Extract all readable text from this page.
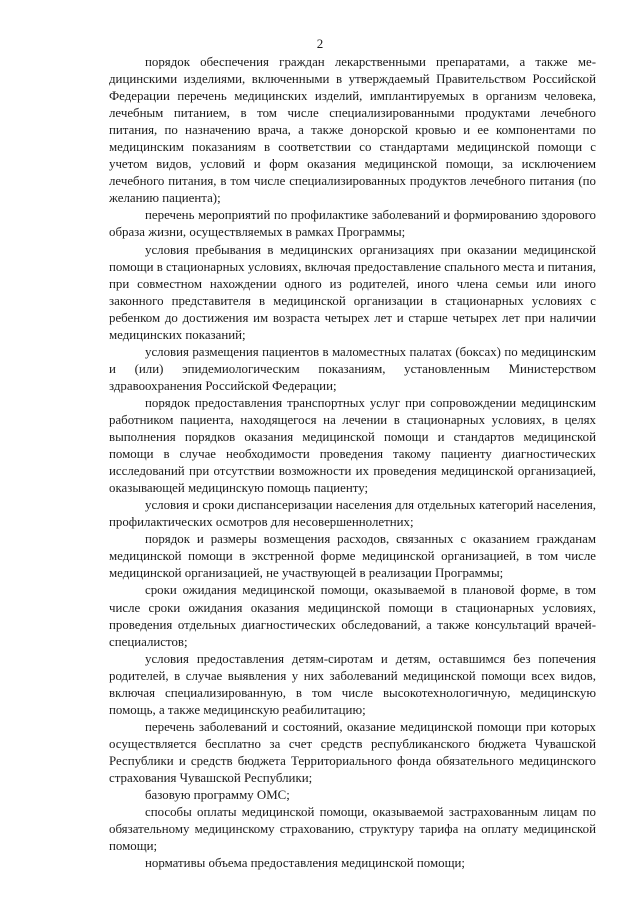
2

порядок обеспечения граждан лекарственными препаратами, а также медицинскими изделиями, включенными в утверждаемый Правительством Российской Федерации перечень медицинских изделий, имплантируемых в организм человека, лечебным питанием, в том числе специализированными продуктами лечебного питания, по назначению врача, а также донорской кровью и ее компонентами по медицинским показаниям в соответствии со стандартами медицинской помощи с учетом видов, условий и форм оказания медицинской помощи, за исключением лечебного питания, в том числе специализированных продуктов лечебного питания (по желанию пациента);

перечень мероприятий по профилактике заболеваний и формированию здорового образа жизни, осуществляемых в рамках Программы;

условия пребывания в медицинских организациях при оказании медицинской помощи в стационарных условиях, включая предоставление спального места и питания, при совместном нахождении одного из родителей, иного члена семьи или иного законного представителя в медицинской организации в стационарных условиях с ребенком до достижения им возраста четырех лет и старше четырех лет при наличии медицинских показаний;

условия размещения пациентов в маломестных палатах (боксах) по медицинским и (или) эпидемиологическим показаниям, установленным Министерством здравоохранения Российской Федерации;

порядок предоставления транспортных услуг при сопровождении медицинским работником пациента, находящегося на лечении в стационарных условиях, в целях выполнения порядков оказания медицинской помощи и стандартов медицинской помощи в случае необходимости проведения такому пациенту диагностических исследований при отсутствии возможности их проведения медицинской организацией, оказывающей медицинскую помощь пациенту;

условия и сроки диспансеризации населения для отдельных категорий населения, профилактических осмотров для несовершеннолетних;

порядок и размеры возмещения расходов, связанных с оказанием гражданам медицинской помощи в экстренной форме медицинской организацией, в том числе медицинской организацией, не участвующей в реализации Программы;

сроки ожидания медицинской помощи, оказываемой в плановой форме, в том числе сроки ожидания оказания медицинской помощи в стационарных условиях, проведения отдельных диагностических обследований, а также консультаций врачей-специалистов;

условия предоставления детям-сиротам и детям, оставшимся без попечения родителей, в случае выявления у них заболеваний медицинской помощи всех видов, включая специализированную, в том числе высокотехнологичную, медицинскую помощь, а также медицинскую реабилитацию;

перечень заболеваний и состояний, оказание медицинской помощи при которых осуществляется бесплатно за счет средств республиканского бюджета Чувашской Республики и средств бюджета Территориального фонда обязательного медицинского страхования Чувашской Республики;

базовую программу ОМС;

способы оплаты медицинской помощи, оказываемой застрахованным лицам по обязательному медицинскому страхованию, структуру тарифа на оплату медицинской помощи;

нормативы объема предоставления медицинской помощи;
